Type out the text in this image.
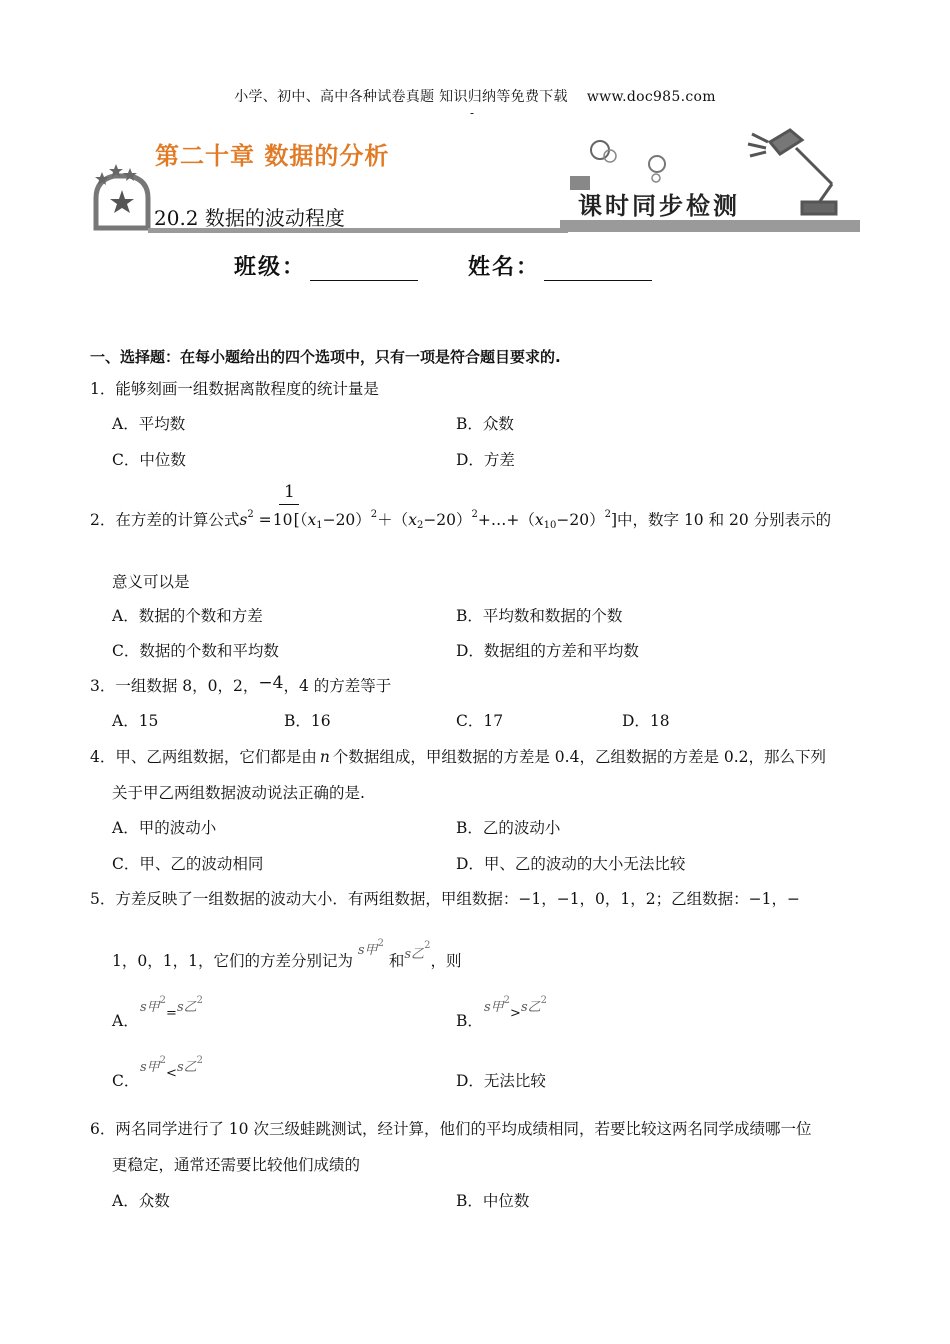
小学、初中、高中各种试卷真题 知识归纳等免费下载　 www.doc985.com
-
第二十章 数据的分析
20.2 数据的波动程度	课时同步检测
班级：	姓名：
一、选择题：在每小题给出的四个选项中，只有一项是符合题目要求的.
1．能够刻画一组数据离散程度的统计量是
A．平均数	B．众数
C．中位数	D．方差
1
2．在方差的计算公式$s^2$ $=10[(x1-20)^2+(x2-20)^2+\dots+(x10-20)^2]$中，数字 10 和 20 分别表示的
意义可以是
A．数据的个数和方差	B．平均数和数据的个数
C．数据的个数和平均数	D．数据组的方差和平均数
3．一组数据 8，0，2，−4，4 的方差等于
A．15	B．16	C．17	D．18
4．甲、乙两组数据，它们都是由 n 个数据组成，甲组数据的方差是 0.4，乙组数据的方差是 0.2，那么下列
关于甲乙两组数据波动说法正确的是.
A．甲的波动小	B．乙的波动小
C．甲、乙的波动相同	D．甲、乙的波动的大小无法比较
5．方差反映了一组数据的波动大小．有两组数据，甲组数据：−1，−1，0，1，2；乙组数据：−1，−
1，0，1，1，它们的方差分别记为 $^{s甲2}$ 和$^{s乙2}$，则
A．
s甲$^2_=$s乙$^2$
B．
s甲$^2_>$s乙$^2$
C．
s甲$^2_<$s乙$^2$
D．无法比较
6．两名同学进行了 10 次三级蛙跳测试，经计算，他们的平均成绩相同，若要比较这两名同学成绩哪一位
更稳定，通常还需要比较他们成绩的
A．众数	B．中位数
